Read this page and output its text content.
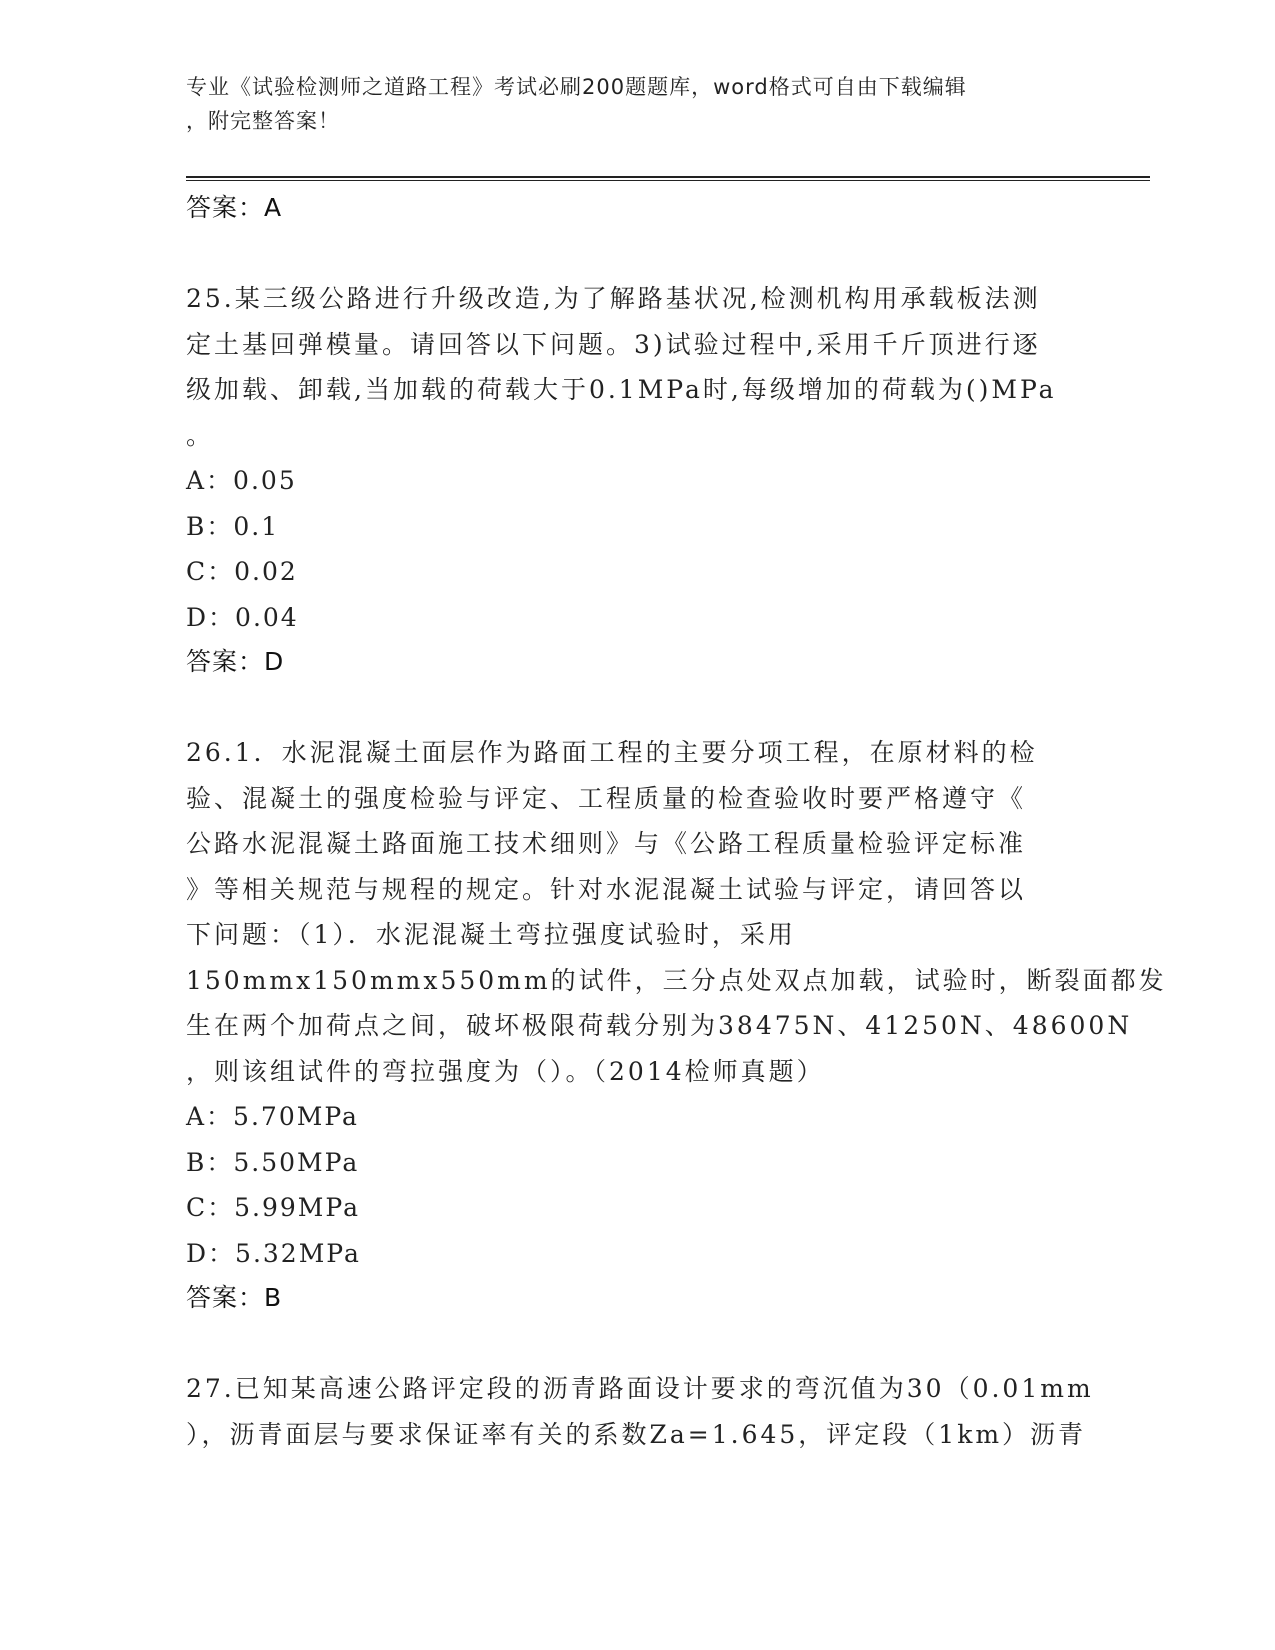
专业《试验检测师之道路工程》考试必刷200题题库，word格式可自由下载编辑
，附完整答案！
答案：A
25.某三级公路进行升级改造,为了解路基状况,检测机构用承载板法测
定土基回弹模量。请回答以下问题。3)试验过程中,采用千斤顶进行逐
级加载、卸载,当加载的荷载大于0.1MPa时,每级增加的荷载为()MPa
。
A：0.05
B：0.1
C：0.02
D：0.04
答案：D
26.1．水泥混凝土面层作为路面工程的主要分项工程，在原材料的检
验、混凝土的强度检验与评定、工程质量的检查验收时要严格遵守《
公路水泥混凝土路面施工技术细则》与《公路工程质量检验评定标准
》等相关规范与规程的规定。针对水泥混凝土试验与评定，请回答以
下问题：（1）．水泥混凝土弯拉强度试验时，采用
150mmx150mmx550mm的试件，三分点处双点加载，试验时，断裂面都发
生在两个加荷点之间，破坏极限荷载分别为38475N、41250N、48600N
，则该组试件的弯拉强度为（）。（2014检师真题）
A：5.70MPa
B：5.50MPa
C：5.99MPa
D：5.32MPa
答案：B
27.已知某高速公路评定段的沥青路面设计要求的弯沉值为30（0.01mm
），沥青面层与要求保证率有关的系数Za=1.645，评定段（1km）沥青
